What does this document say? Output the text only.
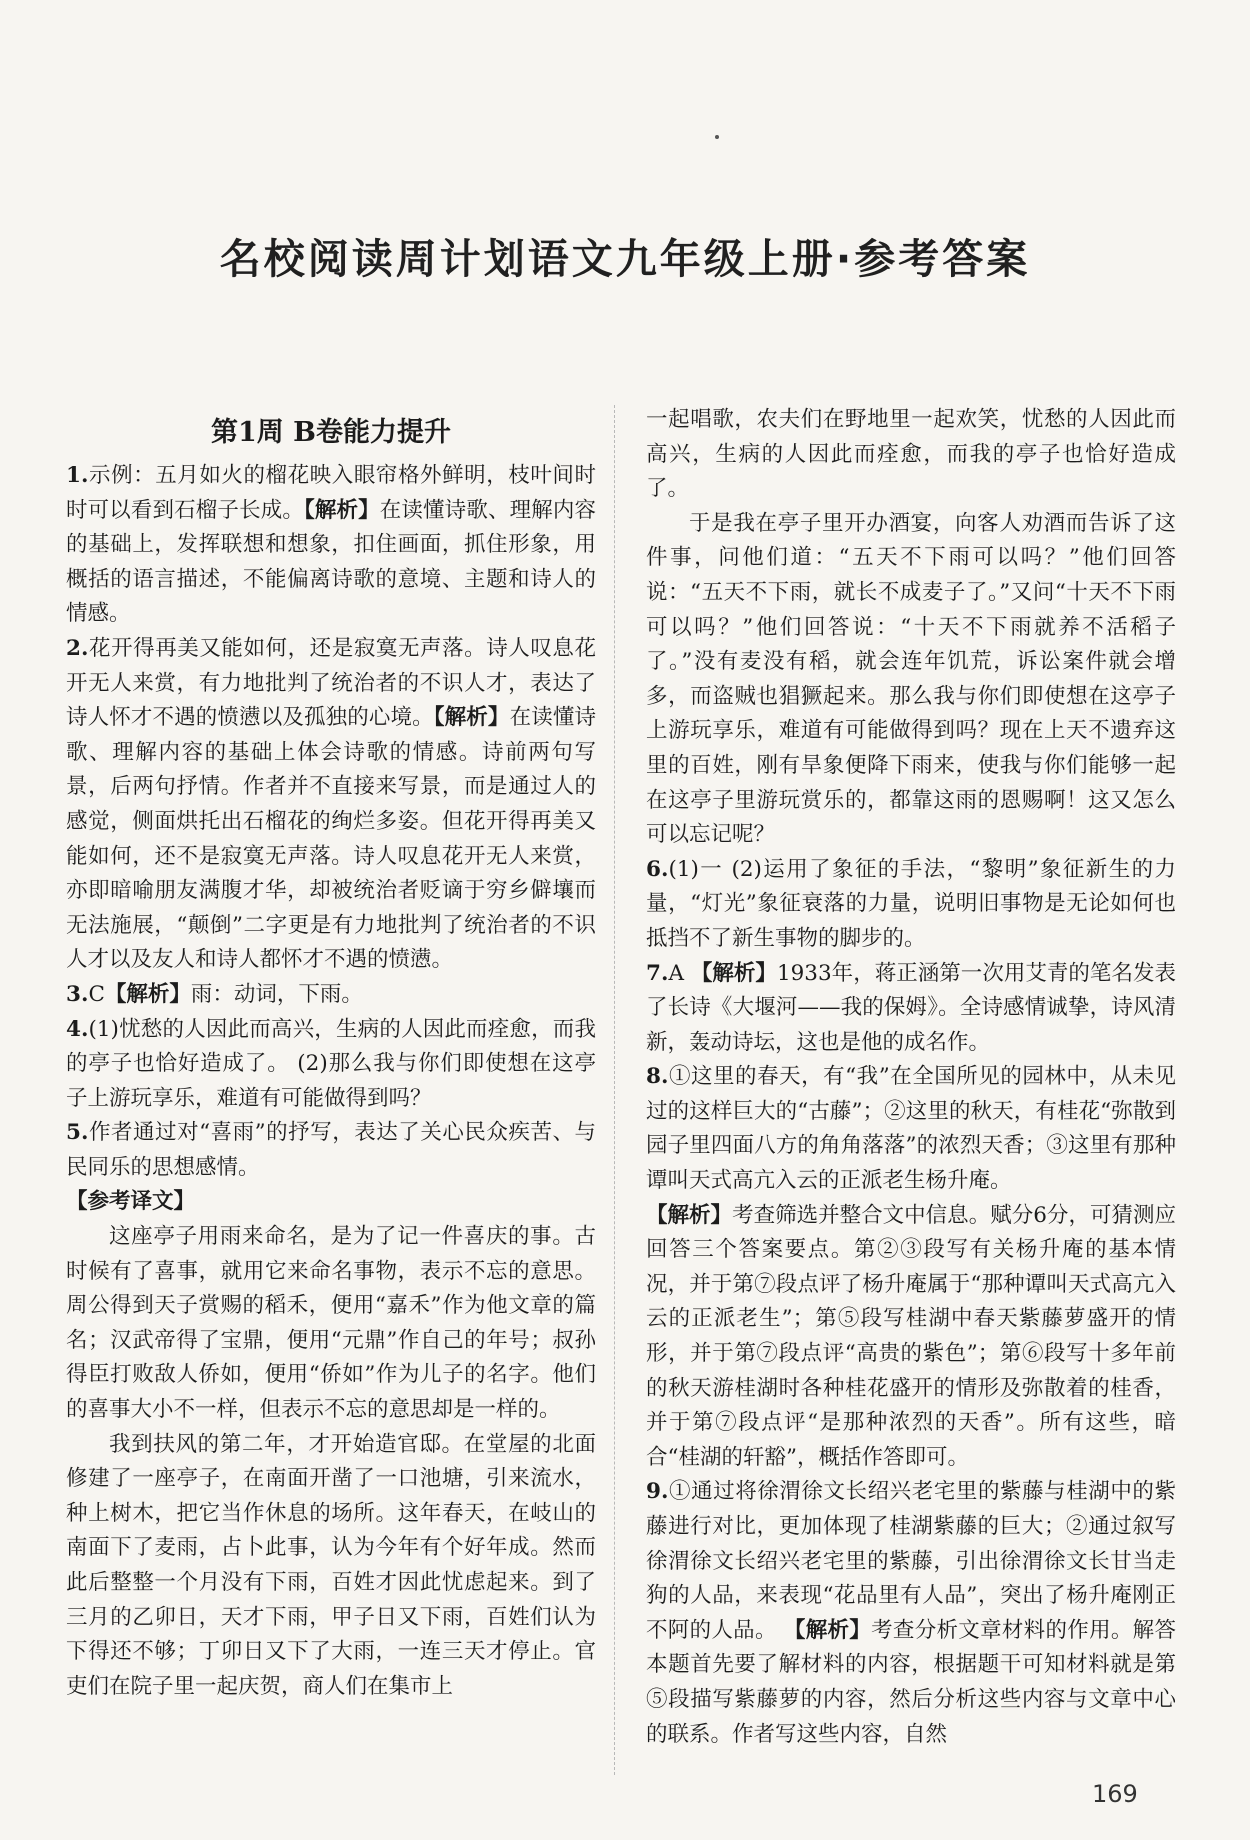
名校阅读周计划语文九年级上册·参考答案
第1周 B卷能力提升

1.示例：五月如火的榴花映入眼帘格外鲜明，枝叶间时时可以看到石榴子长成。【解析】在读懂诗歌、理解内容的基础上，发挥联想和想象，扣住画面，抓住形象，用概括的语言描述，不能偏离诗歌的意境、主题和诗人的情感。

2.花开得再美又能如何，还是寂寞无声落。诗人叹息花开无人来赏，有力地批判了统治者的不识人才，表达了诗人怀才不遇的愤懑以及孤独的心境。【解析】在读懂诗歌、理解内容的基础上体会诗歌的情感。诗前两句写景，后两句抒情。作者并不直接来写景，而是通过人的感觉，侧面烘托出石榴花的绚烂多姿。但花开得再美又能如何，还不是寂寞无声落。诗人叹息花开无人来赏，亦即暗喻朋友满腹才华，却被统治者贬谪于穷乡僻壤而无法施展，“颠倒”二字更是有力地批判了统治者的不识人才以及友人和诗人都怀才不遇的愤懑。

3.C【解析】雨：动词，下雨。

4.(1)忧愁的人因此而高兴，生病的人因此而痊愈，而我的亭子也恰好造成了。 (2)那么我与你们即使想在这亭子上游玩享乐，难道有可能做得到吗？

5.作者通过对“喜雨”的抒写，表达了关心民众疾苦、与民同乐的思想感情。

【参考译文】

这座亭子用雨来命名，是为了记一件喜庆的事。古时候有了喜事，就用它来命名事物，表示不忘的意思。周公得到天子赏赐的稻禾，便用“嘉禾”作为他文章的篇名；汉武帝得了宝鼎，便用“元鼎”作自己的年号；叔孙得臣打败敌人侨如，便用“侨如”作为儿子的名字。他们的喜事大小不一样，但表示不忘的意思却是一样的。

我到扶风的第二年，才开始造官邸。在堂屋的北面修建了一座亭子，在南面开凿了一口池塘，引来流水，种上树木，把它当作休息的场所。这年春天，在岐山的南面下了麦雨，占卜此事，认为今年有个好年成。然而此后整整一个月没有下雨，百姓才因此忧虑起来。到了三月的乙卯日，天才下雨，甲子日又下雨，百姓们认为下得还不够；丁卯日又下了大雨，一连三天才停止。官吏们在院子里一起庆贺，商人们在集市上

一起唱歌，农夫们在野地里一起欢笑，忧愁的人因此而高兴，生病的人因此而痊愈，而我的亭子也恰好造成了。

于是我在亭子里开办酒宴，向客人劝酒而告诉了这件事，问他们道：“五天不下雨可以吗？”他们回答说：“五天不下雨，就长不成麦子了。”又问“十天不下雨可以吗？”他们回答说：“十天不下雨就养不活稻子了。”没有麦没有稻，就会连年饥荒，诉讼案件就会增多，而盗贼也猖獗起来。那么我与你们即使想在这亭子上游玩享乐，难道有可能做得到吗？现在上天不遗弃这里的百姓，刚有旱象便降下雨来，使我与你们能够一起在这亭子里游玩赏乐的，都靠这雨的恩赐啊！这又怎么可以忘记呢？

6.(1)一 (2)运用了象征的手法，“黎明”象征新生的力量，“灯光”象征衰落的力量，说明旧事物是无论如何也抵挡不了新生事物的脚步的。

7.A 【解析】1933年，蒋正涵第一次用艾青的笔名发表了长诗《大堰河——我的保姆》。全诗感情诚挚，诗风清新，轰动诗坛，这也是他的成名作。

8.①这里的春天，有“我”在全国所见的园林中，从未见过的这样巨大的“古藤”；②这里的秋天，有桂花“弥散到园子里四面八方的角角落落”的浓烈天香；③这里有那种谭叫天式高亢入云的正派老生杨升庵。

【解析】考查筛选并整合文中信息。赋分6分，可猜测应回答三个答案要点。第②③段写有关杨升庵的基本情况，并于第⑦段点评了杨升庵属于“那种谭叫天式高亢入云的正派老生”；第⑤段写桂湖中春天紫藤萝盛开的情形，并于第⑦段点评“高贵的紫色”；第⑥段写十多年前的秋天游桂湖时各种桂花盛开的情形及弥散着的桂香，并于第⑦段点评“是那种浓烈的天香”。所有这些，暗合“桂湖的轩豁”，概括作答即可。

9.①通过将徐渭徐文长绍兴老宅里的紫藤与桂湖中的紫藤进行对比，更加体现了桂湖紫藤的巨大；②通过叙写徐渭徐文长绍兴老宅里的紫藤，引出徐渭徐文长甘当走狗的人品，来表现“花品里有人品”，突出了杨升庵刚正不阿的人品。 【解析】考查分析文章材料的作用。解答本题首先要了解材料的内容，根据题干可知材料就是第⑤段描写紫藤萝的内容，然后分析这些内容与文章中心的联系。作者写这些内容，自然

169
